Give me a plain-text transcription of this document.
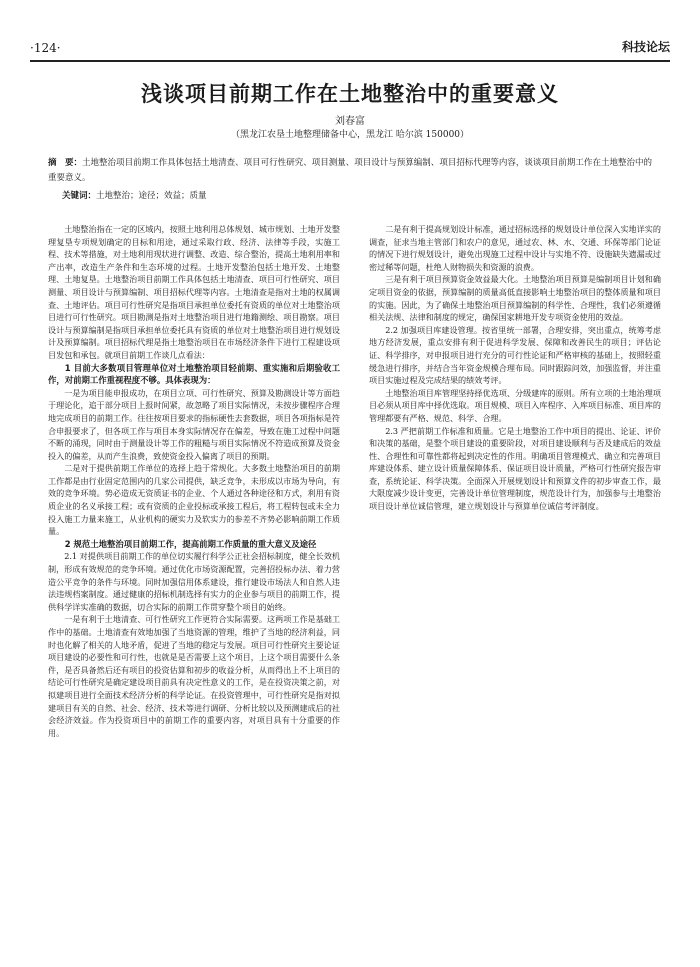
·124·	科技论坛
浅谈项目前期工作在土地整治中的重要意义
刘春富
（黑龙江农垦土地整理储备中心，黑龙江 哈尔滨 150000）
摘　要：土地整治项目前期工作具体包括土地清查、项目可行性研究、项目测量、项目设计与预算编制、项目招标代理等内容，谈谈项目前期工作在土地整治中的重要意义。
关键词：土地整治；途径；效益；质量

土地整治指在一定的区域内，按照土地利用总体规划、城市规划、土地开发整理复垦专项规划确定的目标和用途，通过采取行政、经济、法律等手段，实施工程、技术等措施，对土地利用现状进行调整、改造、综合整治，提高土地利用率和产出率，改造生产条件和生态环境的过程。土地开发整治包括土地开发、土地整理、土地复垦。土地整治项目前期工作具体包括土地清查、项目可行性研究、项目测量、项目设计与预算编制、项目招标代理等内容。土地清查是指对土地的权属调查、土地评估。项目可行性研究是指项目承担单位委托有资质的单位对土地整治项目进行可行性研究。项目勘测是指对土地整治项目进行地籍测绘、项目勘察。项目设计与预算编制是指项目承担单位委托具有资质的单位对土地整治项目进行规划设计及预算编制。项目招标代理是指土地整治项目在市场经济条件下进行工程建设项目发包和承包。就项目前期工作谈几点看法：

1 目前大多数项目管理单位对土地整治项目轻前期、重实施和后期验收工作，对前期工作重视程度不够。具体表现为：

一是为项目能申报成功，在项目立项、可行性研究、预算及勘测设计等方面趋于理论化，追于部分项目上报时间紧，故忽略了项目实际情况，未按步骤程序合理地完成项目的前期工作。往往按项目要求的指标硬性去套数据，项目各项指标是符合申报要求了，但各项工作与项目本身实际情况存在偏差，导致在施工过程中问题不断的涌现，同时由于测量设计等工作的粗糙与项目实际情况不符造成预算及资金投入的偏差，从而产生浪费，致使资金投入偏离了项目的预期。

二是对于提供前期工作单位的选择上趋于常规化。大多数土地整治项目的前期工作都是由行业固定范围内的几家公司提供，缺乏竞争，未形成以市场为导向，有效的竞争环境。势必造成无资质证书的企业、个人通过各种途径和方式，利用有资质企业的名义承接工程；或有资质的企业投标或承接工程后，将工程转包或未全力投入施工力量来施工，从业机构的硬实力及软实力的参差不齐势必影响前期工作质量。

2 规范土地整治项目前期工作，提高前期工作质量的重大意义及途径

2.1 对提供项目前期工作的单位切实履行科学公正社会招标制度，健全长效机制，形成有效规范的竞争环境。通过优化市场资源配置，完善招投标办法、着力营造公平竞争的条件与环境。同时加强信用体系建设，推行建设市场法人和自然人违法违规档案制度。通过健康的招标机制选择有实力的企业参与项目的前期工作，提供科学详实准确的数据，切合实际的前期工作贯穿整个项目的始终。

一是有利于土地清查、可行性研究工作更符合实际需要。这两项工作是基础工作中的基础。土地清查有效地加强了当地资源的管理，维护了当地的经济利益，同时也化解了相关的人地矛盾，促进了当地的稳定与发展。项目可行性研究主要论证项目建设的必要性和可行性，也就是是否需要上这个项目，上这个项目需要什么条件，是否具备然后还有项目的投资估算和初步的收益分析，从而得出上不上项目的结论可行性研究是确定建设项目前具有决定性意义的工作，是在投资决策之前，对拟建项目进行全面技术经济分析的科学论证。在投资管理中，可行性研究是指对拟建项目有关的自然、社会、经济、技术等进行调研、分析比较以及预测建成后的社会经济效益。作为投资项目中的前期工作的重要内容，对项目具有十分重要的作用。

二是有利于提高规划设计标准，通过招标选择的规划设计单位深入实地详实的调查，征求当地主管部门和农户的意见，通过农、林、水、交通、环保等部门论证的情况下进行规划设计，避免出现施工过程中设计与实地不符、设施缺失遗漏或过密过稀等问题，杜绝人财物损失和资源的浪费。

三是有利于项目预算资金效益最大化。土地整治项目预算是编制项目计划和确定项目资金的依据，预算编制的质量高低直接影响土地整治项目的整体质量和项目的实施。因此，为了确保土地整治项目预算编制的科学性、合理性，我们必须遵循相关法规、法律和制度的规定，确保国家耕地开发专项资金使用的效益。

2.2 加强项目库建设管理。按省里统一部署，合理安排，突出重点，统筹考虑地方经济发展，重点安排有利于促进科学发展、保障和改善民生的项目；评估论证、科学排序，对申报项目进行充分的可行性论证和严格审核的基础上，按照轻重缓急进行排序，并结合当年资金规模合理布局。同时跟踪问效，加强监督，并注重项目实施过程及完成结果的绩效考评。

土地整治项目库管理坚持择优选项、分级建库的原则。所有立项的土地治理项目必须从项目库中择优选取。项目规模、项目入库程序、入库项目标准、项目库的管理都要有严格、规范、科学、合理。

2.3 严把前期工作标准和质量。它是土地整治工作中项目的提出、论证、评价和决策的基础，是整个项目建设的重要阶段，对项目建设顺利与否及建成后的效益性、合理性和可靠性都将起到决定性的作用。明确项目管理模式、确立和完善项目库建设体系、建立设计质量保障体系、保证项目设计质量，严格可行性研究报告审查，系统论证、科学决策。全面深入开展规划设计和预算文件的初步审查工作，最大限度减少设计变更，完善设计单位管理制度，规范设计行为，加强参与土地整治项目设计单位诚信管理，建立规划设计与预算单位诚信考评制度。
